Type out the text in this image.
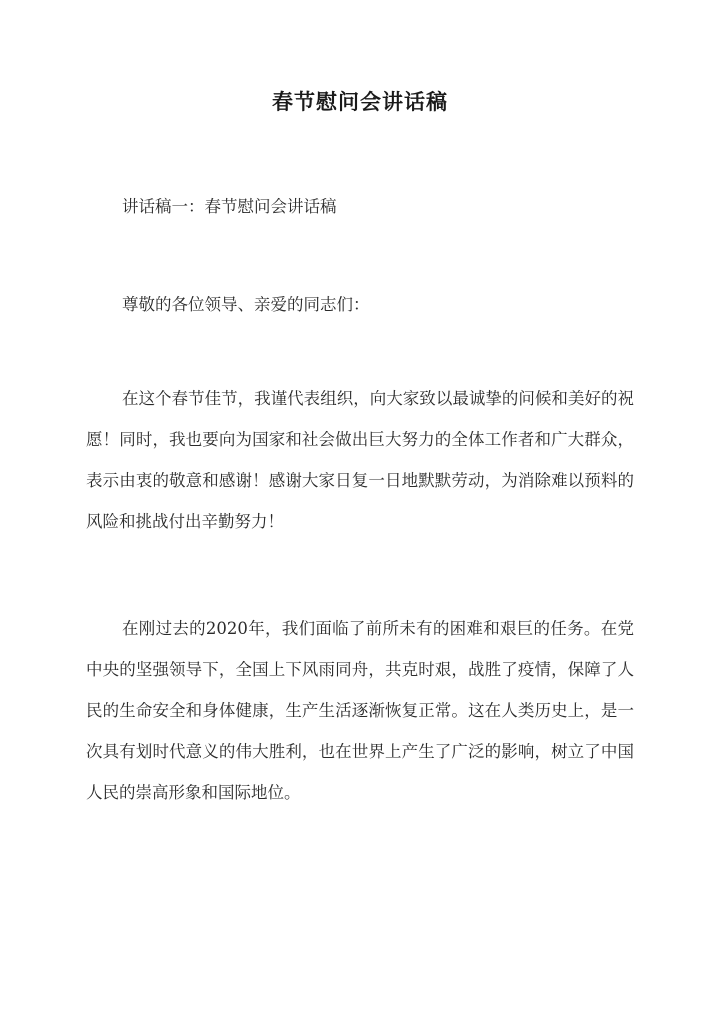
春节慰问会讲话稿
讲话稿一：春节慰问会讲话稿
尊敬的各位领导、亲爱的同志们：
在这个春节佳节，我谨代表组织，向大家致以最诚挚的问候和美好的祝愿！同时，我也要向为国家和社会做出巨大努力的全体工作者和广大群众，表示由衷的敬意和感谢！感谢大家日复一日地默默劳动，为消除难以预料的风险和挑战付出辛勤努力！
在刚过去的2020年，我们面临了前所未有的困难和艰巨的任务。在党中央的坚强领导下，全国上下风雨同舟，共克时艰，战胜了疫情，保障了人民的生命安全和身体健康，生产生活逐渐恢复正常。这在人类历史上，是一次具有划时代意义的伟大胜利，也在世界上产生了广泛的影响，树立了中国人民的崇高形象和国际地位。
